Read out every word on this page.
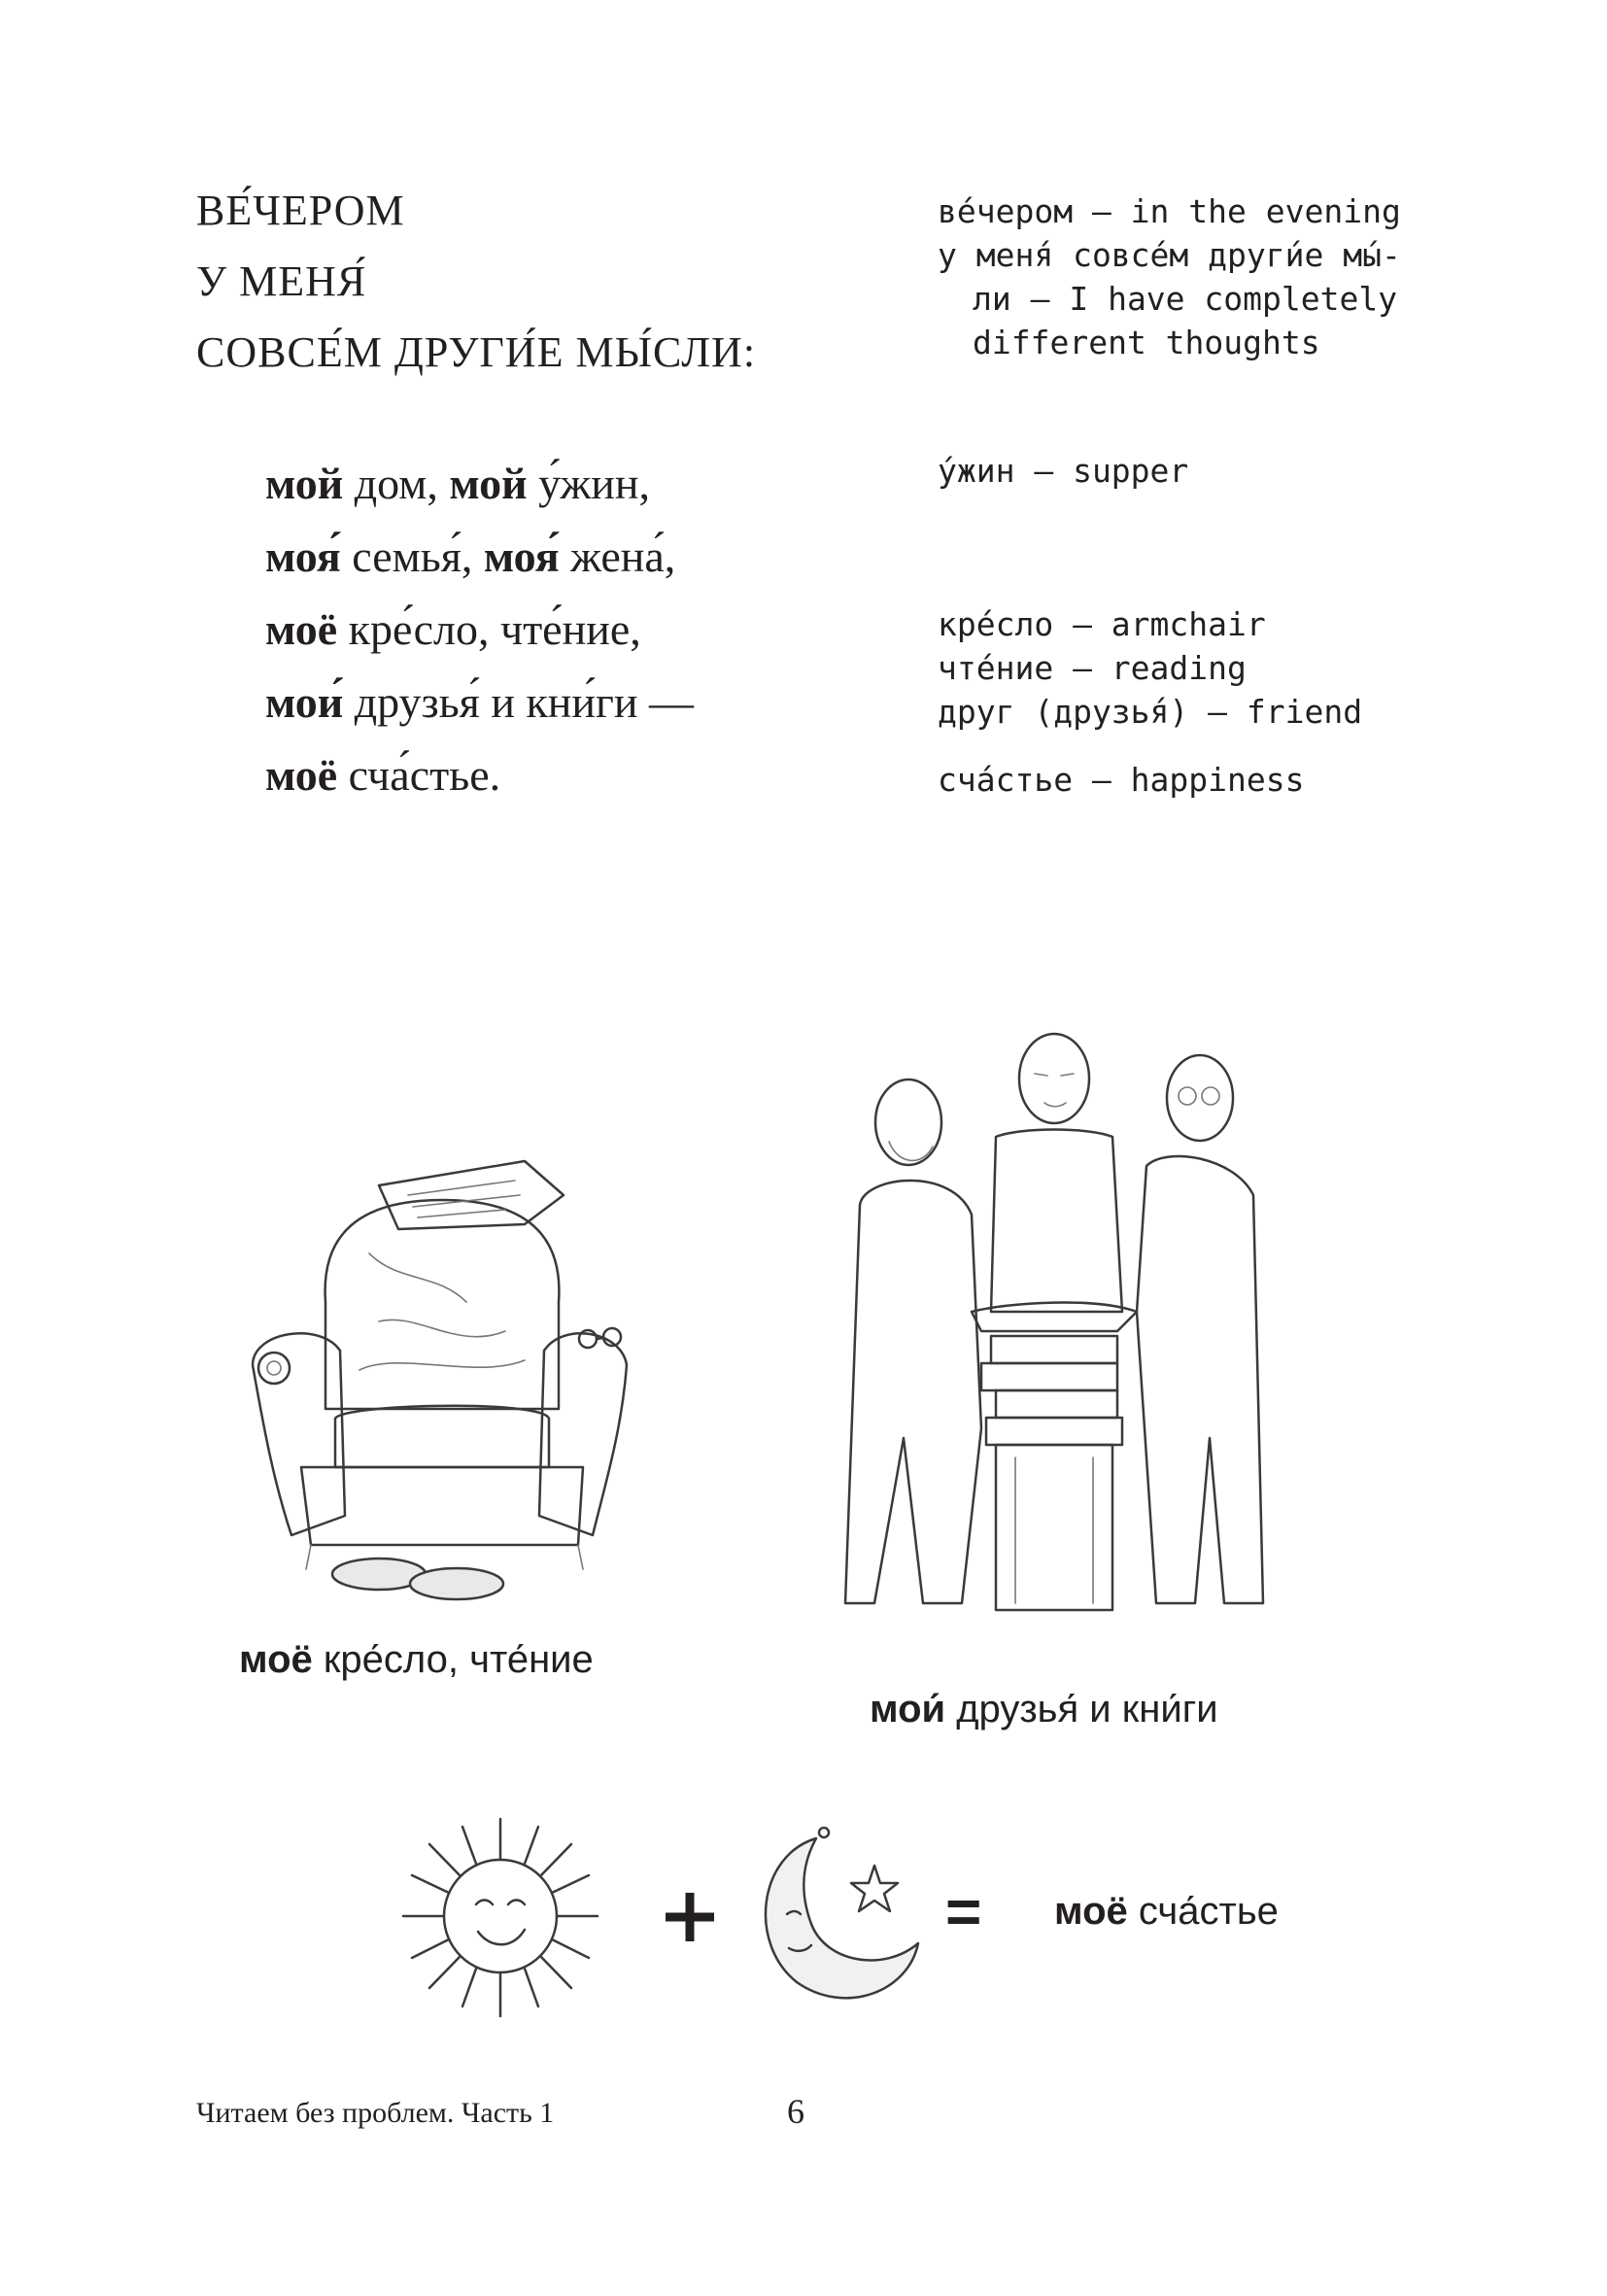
ВЕ́ЧЕРОМ
У МЕНЯ́
СОВСЕ́М ДРУГИ́Е МЫ́СЛИ:
ве́чером — in the evening
у меня́ совсе́м други́е мы́-
ли — I have completely
different thoughts
мой дом, мой у́жин,
моя́ семья́, моя́ жена́,
моё кре́сло, чте́ние,
мои́ друзья́ и кни́ги —
моё сча́стье.
у́жин — supper
кре́сло — armchair
чте́ние — reading
друг (друзья́) — friend
сча́стье — happiness
моё кре́сло, чте́ние
мои́ друзья́ и кни́ги
= моё сча́стье
Читаем без проблем. Часть 1	6
